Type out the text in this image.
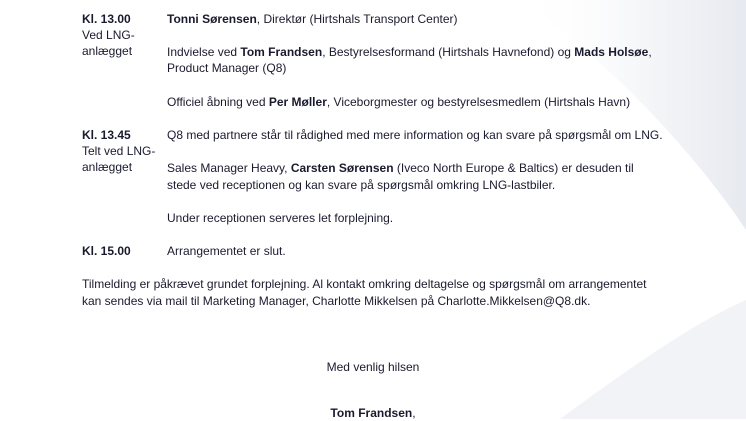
Kl. 13.00
Ved LNG-
anlægget
Tonni Sørensen, Direktør (Hirtshals Transport Center)
Indvielse ved Tom Frandsen, Bestyrelsesformand (Hirtshals Havnefond) og Mads Holsøe,
Product Manager (Q8)
Officiel åbning ved Per Møller, Viceborgmester og bestyrelsesmedlem (Hirtshals Havn)
Kl. 13.45
Telt ved LNG-
anlægget
Q8 med partnere står til rådighed med mere information og kan svare på spørgsmål om LNG.
Sales Manager Heavy, Carsten Sørensen (Iveco North Europe & Baltics) er desuden til
stede ved receptionen og kan svare på spørgsmål omkring LNG-lastbiler.
Under receptionen serveres let forplejning.
Kl. 15.00	Arrangementet er slut.
Tilmelding er påkrævet grundet forplejning. Al kontakt omkring deltagelse og spørgsmål om arrangementet
kan sendes via mail til Marketing Manager, Charlotte Mikkelsen på Charlotte.Mikkelsen@Q8.dk.
Med venlig hilsen
Tom Frandsen,
